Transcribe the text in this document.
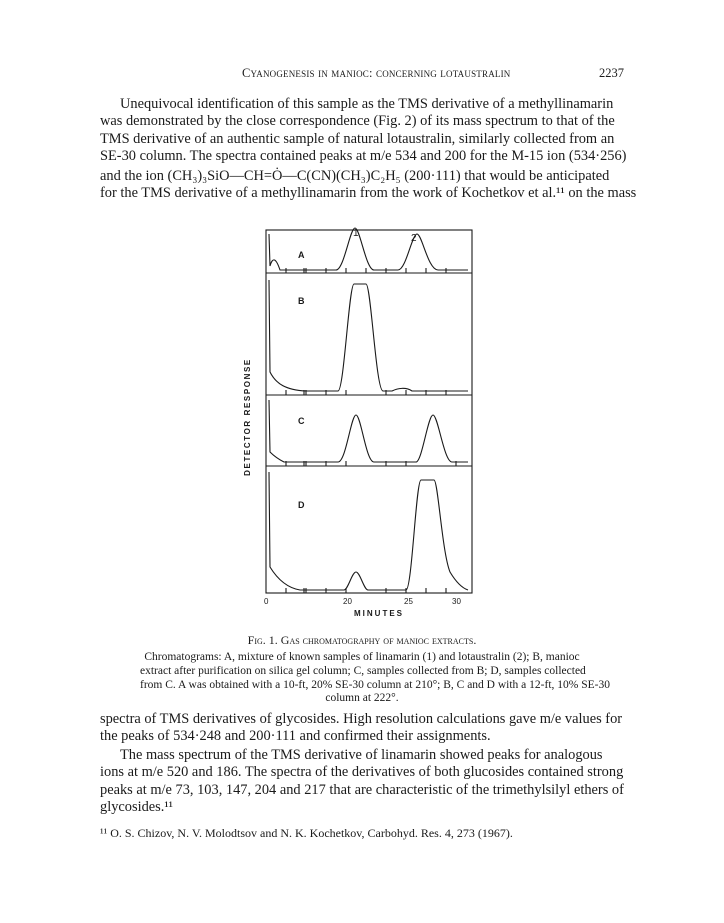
Cyanogenesis in manioc: concerning lotaustralin	2237

Unequivocal identification of this sample as the TMS derivative of a methyllinamarin
was demonstrated by the close correspondence (Fig. 2) of its mass spectrum to that of the
TMS derivative of an authentic sample of natural lotaustralin, similarly collected from an
SE-30 column. The spectra contained peaks at m/e 534 and 200 for the M-15 ion (534·256)

and the ion (CH₃)₃SiO—CH=Ȯ—C(CN)(CH₃)C₂H₅ (200·111) that would be anticipated

for the TMS derivative of a methyllinamarin from the work of Kochetkov et al.¹¹ on the mass

1	2
A
B
C
D
DETECTOR RESPONSE
0	20	25	30
MINUTES
Fig. 1. Gas chromatography of manioc extracts.

Chromatograms: A, mixture of known samples of linamarin (1) and lotaustralin (2); B, manioc
extract after purification on silica gel column; C, samples collected from B; D, samples collected
from C. A was obtained with a 10-ft, 20% SE-30 column at 210°; B, C and D with a 12-ft, 10% SE-30
column at 222°.

spectra of TMS derivatives of glycosides. High resolution calculations gave m/e values for
the peaks of 534·248 and 200·111 and confirmed their assignments.

The mass spectrum of the TMS derivative of linamarin showed peaks for analogous
ions at m/e 520 and 186. The spectra of the derivatives of both glucosides contained strong
peaks at m/e 73, 103, 147, 204 and 217 that are characteristic of the trimethylsilyl ethers of
glycosides.¹¹

¹¹ O. S. Chizov, N. V. Molodtsov and N. K. Kochetkov, Carbohyd. Res. 4, 273 (1967).
